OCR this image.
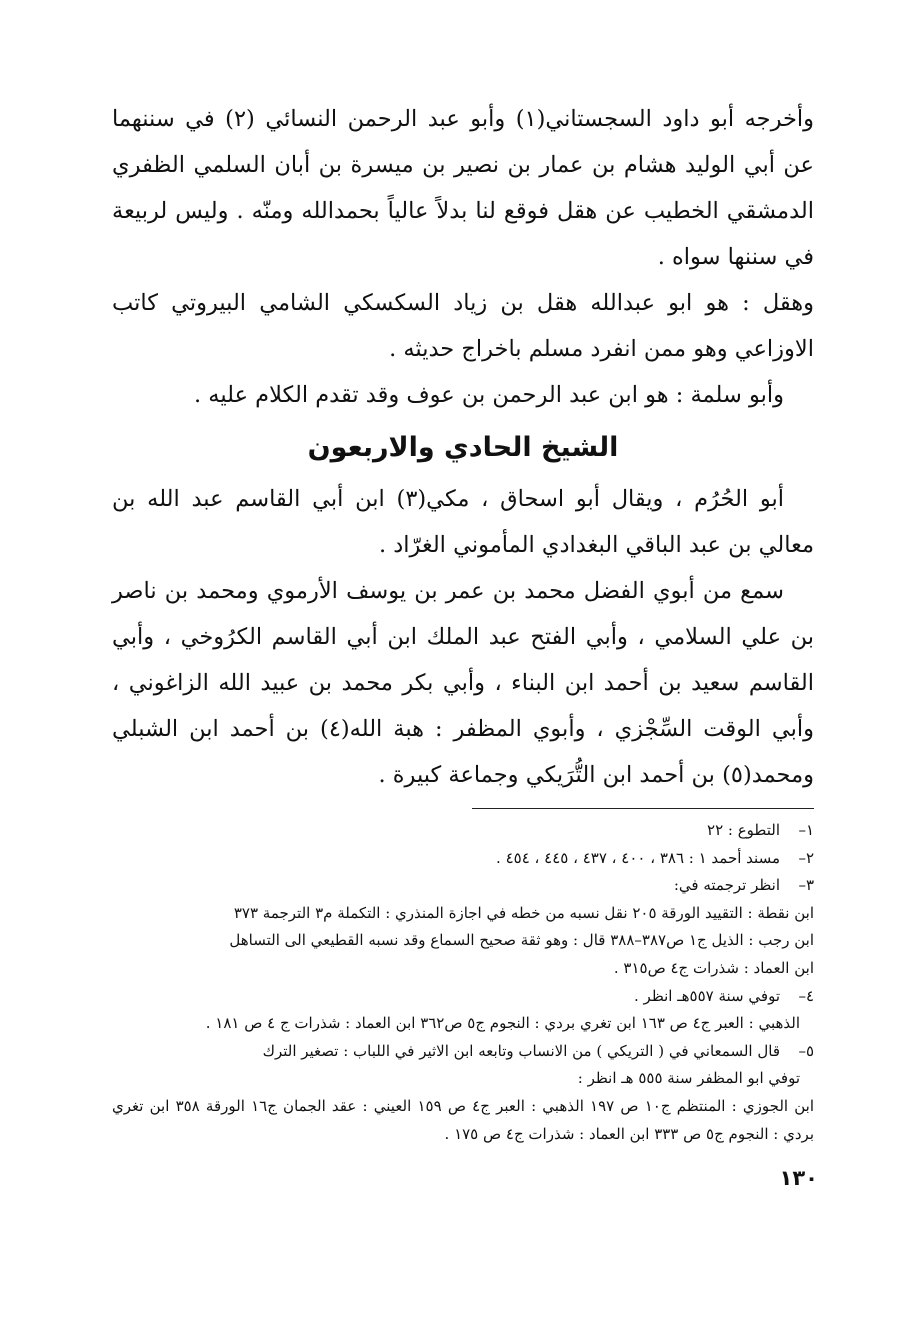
وأخرجه أبو داود السجستاني(١) وأبو عبد الرحمن النسائي (٢) في سننهما عن أبي الوليد هشام بن عمار بن نصير بن ميسرة بن أبان السلمي الظفري الدمشقي الخطيب عن هقل فوقع لنا بدلاً عالياً بحمدالله ومنّه . وليس لربيعة في سننها سواه .

وهقل : هو ابو عبدالله هقل بن زياد السكسكي الشامي البيروتي كاتب الاوزاعي وهو ممن انفرد مسلم باخراج حديثه .

وأبو سلمة : هو ابن عبد الرحمن بن عوف وقد تقدم الكلام عليه .

الشيخ الحادي والاربعون

أبو الحُرُم ، ويقال أبو اسحاق ، مكي(٣) ابن أبي القاسم عبد الله بن معالي بن عبد الباقي البغدادي المأموني الغرّاد .

سمع من أبوي الفضل محمد بن عمر بن يوسف الأرموي ومحمد بن ناصر بن علي السلامي ، وأبي الفتح عبد الملك ابن أبي القاسم الكرُوخي ، وأبي القاسم سعيد بن أحمد ابن البناء ، وأبي بكر محمد بن عبيد الله الزاغوني ، وأبي الوقت السِّجْزي ، وأبوي المظفر : هبة الله(٤) بن أحمد ابن الشبلي ومحمد(٥) بن أحمد ابن التُّرَيكي وجماعة كبيرة .

١–
التطوع : ٢٢
٢–
مسند أحمد ١ : ٣٨٦ ، ٤٠٠ ، ٤٣٧ ، ٤٤٥ ، ٤٥٤ .
٣–
انظر ترجمته في:
ابن نقطة : التقييد الورقة ٢٠٥ نقل نسبه من خطه في اجازة المنذري : التكملة م٣ الترجمة ٣٧٣
ابن رجب : الذيل ج١ ص٣٨٧–٣٨٨ قال : وهو ثقة صحيح السماع وقد نسبه القطيعي الى التساهل
ابن العماد : شذرات ج٤ ص٣١٥ .
٤–
توفي سنة ٥٥٧هـ انظر .
الذهبي : العبر ج٤ ص ١٦٣ ابن تغري بردي : النجوم ج٥ ص٣٦٢ ابن العماد : شذرات ج ٤ ص ١٨١ .
٥–
قال السمعاني في ( التريكي ) من الانساب وتابعه ابن الاثير في اللباب : تصغير الترك
توفي ابو المظفر سنة ٥٥٥ هـ انظر :
ابن الجوزي : المنتظم ج١٠ ص ١٩٧ الذهبي : العبر ج٤ ص ١٥٩ العيني : عقد الجمان ج١٦ الورقة ٣٥٨ ابن تغري بردي : النجوم ج٥ ص ٣٣٣ ابن العماد : شذرات ج٤ ص ١٧٥ .
١٣٠
